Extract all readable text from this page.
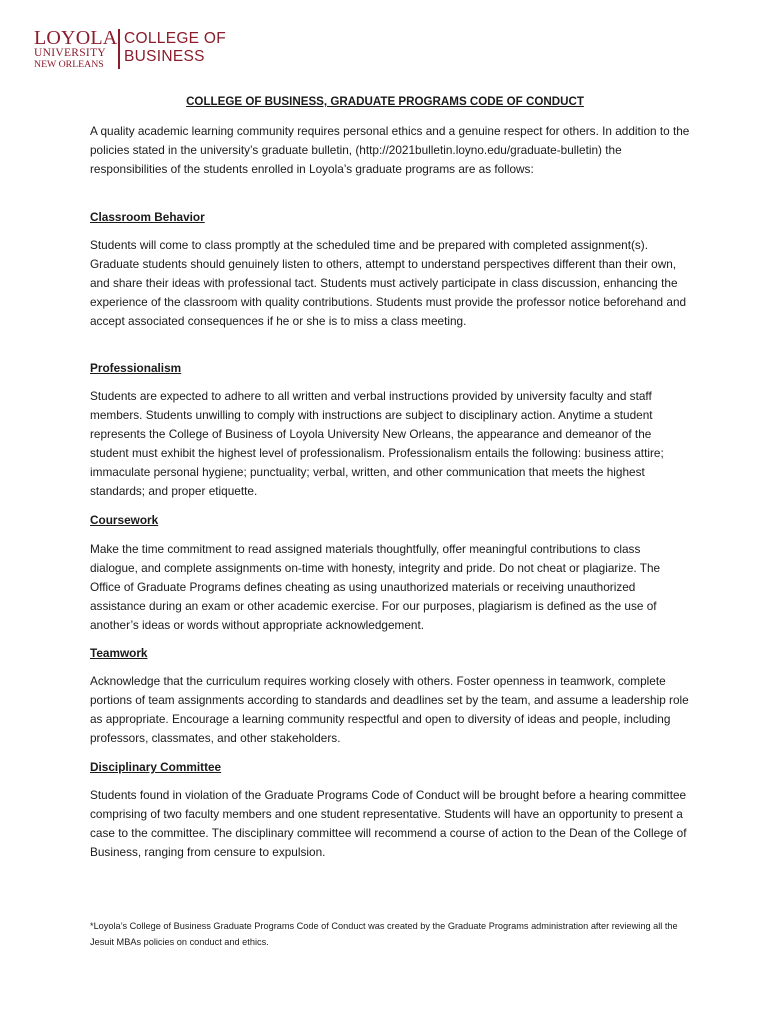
LOYOLA
UNIVERSITY
NEW ORLEANS
COLLEGE OF
BUSINESS
COLLEGE OF BUSINESS, GRADUATE PROGRAMS CODE OF CONDUCT

A quality academic learning community requires personal ethics and a genuine respect for others. In addition to the policies stated in the university’s graduate bulletin, (http://2021bulletin.loyno.edu/graduate-bulletin) the responsibilities of the students enrolled in Loyola’s graduate programs are as follows:

Classroom Behavior

Students will come to class promptly at the scheduled time and be prepared with completed assignment(s). Graduate students should genuinely listen to others, attempt to understand perspectives different than their own, and share their ideas with professional tact. Students must actively participate in class discussion, enhancing the experience of the classroom with quality contributions. Students must provide the professor notice beforehand and accept associated consequences if he or she is to miss a class meeting.

Professionalism

Students are expected to adhere to all written and verbal instructions provided by university faculty and staff members. Students unwilling to comply with instructions are subject to disciplinary action. Anytime a student represents the College of Business of Loyola University New Orleans, the appearance and demeanor of the student must exhibit the highest level of professionalism. Professionalism entails the following: business attire; immaculate personal hygiene; punctuality; verbal, written, and other communication that meets the highest standards; and proper etiquette.

Coursework

Make the time commitment to read assigned materials thoughtfully, offer meaningful contributions to class dialogue, and complete assignments on-time with honesty, integrity and pride. Do not cheat or plagiarize. The Office of Graduate Programs defines cheating as using unauthorized materials or receiving unauthorized assistance during an exam or other academic exercise. For our purposes, plagiarism is defined as the use of another’s ideas or words without appropriate acknowledgement.

Teamwork

Acknowledge that the curriculum requires working closely with others. Foster openness in teamwork, complete portions of team assignments according to standards and deadlines set by the team, and assume a leadership role as appropriate. Encourage a learning community respectful and open to diversity of ideas and people, including professors, classmates, and other stakeholders.

Disciplinary Committee

Students found in violation of the Graduate Programs Code of Conduct will be brought before a hearing committee comprising of two faculty members and one student representative. Students will have an opportunity to present a case to the committee. The disciplinary committee will recommend a course of action to the Dean of the College of Business, ranging from censure to expulsion.

*Loyola’s College of Business Graduate Programs Code of Conduct was created by the Graduate Programs administration after reviewing all the Jesuit MBAs policies on conduct and ethics.
